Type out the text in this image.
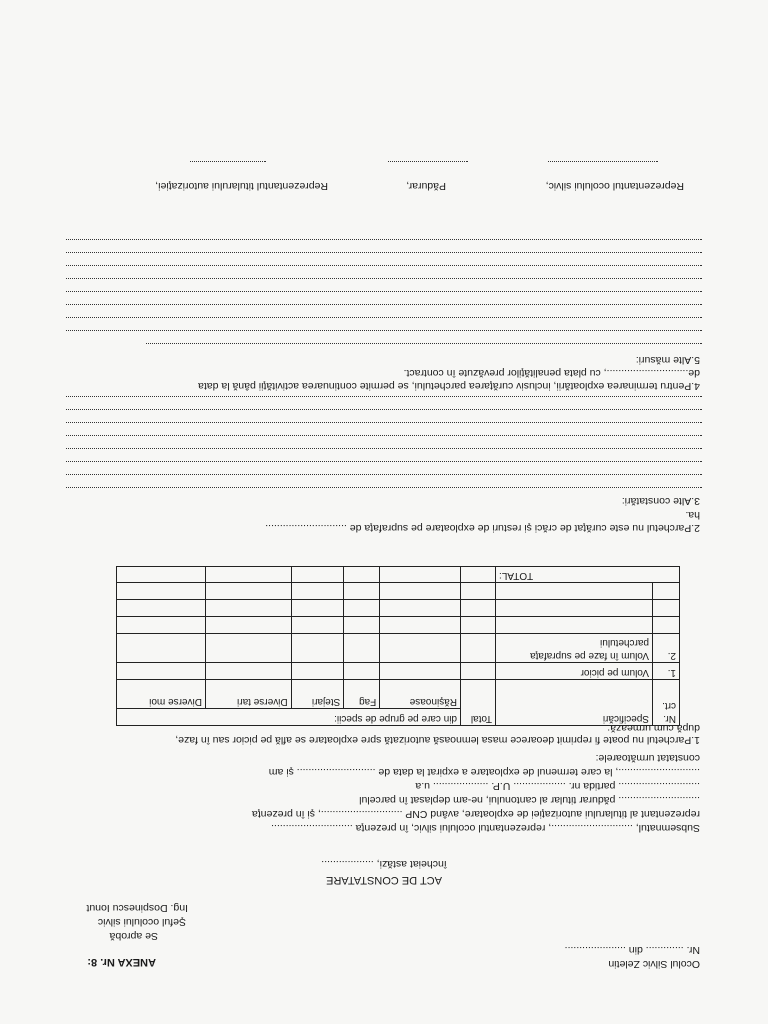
ANEXA Nr. 8:	Ocolul Silvic Zeletin
Nr. ............. din .....................
Se aprobă
Şeful ocolului silvic
Ing. Dospinescu Ionut
ACT DE CONSTATARE
încheiat astăzi, ..................
Subsemnatul, ............................, reprezentantul ocolului silvic, în prezenţa ............................
reprezentant al titularului autorizaţiei de exploatare, având CNP ............................, şi în prezenţa
............................ pădurar titular al cantonului, ne-am deplasat în parcelul
............................ partida nr. .................. U.P. ................... u.a
............................, la care termenul de exploatare a expirat la data de ........................... şi am
constatat următoarele:
1.Parchetul nu poate fi reprimit deoarece masa lemnoasă autorizată spre exploatare se află pe picior sau în faze,
după cum urmează:
Nr. crt.	Specificări	Total	din care pe grupe de specii:				
			Răşinoase	Fag	Stejari	Diverse tari	Diverse moi
1.	Volum pe picior						
2.	Volum în faze pe suprafaţa parchetului						

TOTAL:							
2.Parchetul nu este curăţat de crăci şi resturi de exploatare pe suprafaţa de ............................
ha.
3.Alte constatări:
4.Pentru terminarea exploatării, inclusiv curăţarea parchetului, se permite continuarea activităţii până la data
de............................, cu plata penalităţilor prevăzute în contract.
5.Alte măsuri:
Reprezentantul ocolului silvic,
Pădurar,
Reprezentantul titularului autorizaţiei,
